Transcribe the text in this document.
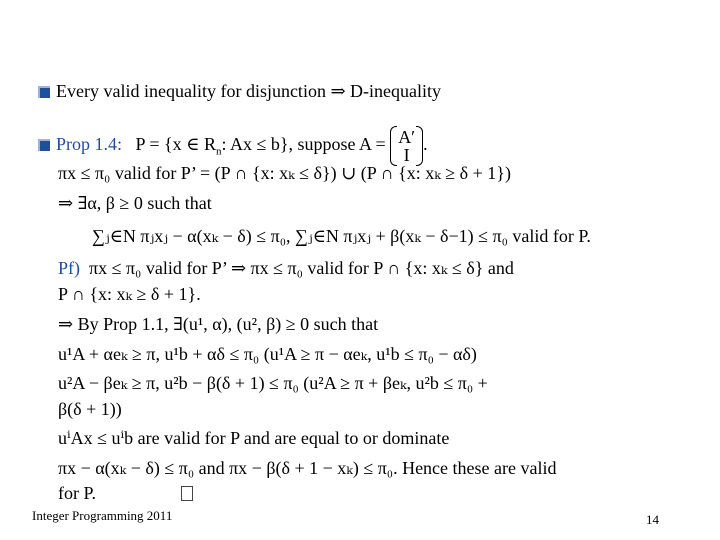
Every valid inequality for disjunction ⇒ D-inequality
Prop 1.4: P = {x ∈ $R_n$: Ax ≤ b}, suppose A = A′
I.
πx ≤ π₀ valid for P’ = (P ∩ {x: xₖ ≤ δ}) ∪ (P ∩ {x: xₖ ≥ δ + 1})
⇒ ∃α, β ≥ 0 such that
∑ⱼ∈N πⱼxⱼ − α(xₖ − δ) ≤ π₀, ∑ⱼ∈N πⱼxⱼ + β(xₖ − δ−1) ≤ π₀ valid for P.
Pf) πx ≤ π₀ valid for P’ ⇒ πx ≤ π₀ valid for P ∩ {x: xₖ ≤ δ} and
P ∩ {x: xₖ ≥ δ + 1}.
⇒ By Prop 1.1, ∃(u¹, α), (u², β) ≥ 0 such that
u¹A + αeₖ ≥ π, u¹b + αδ ≤ π₀ (u¹A ≥ π − αeₖ, u¹b ≤ π₀ − αδ)
u²A − βeₖ ≥ π, u²b − β(δ + 1) ≤ π₀ (u²A ≥ π + βeₖ, u²b ≤ π₀ +
β(δ + 1))
uⁱAx ≤ uⁱb are valid for P and are equal to or dominate
πx − α(xₖ − δ) ≤ π₀ and πx − β(δ + 1 − xₖ) ≤ π₀. Hence these are valid
for P.
Integer Programming 2011	14
